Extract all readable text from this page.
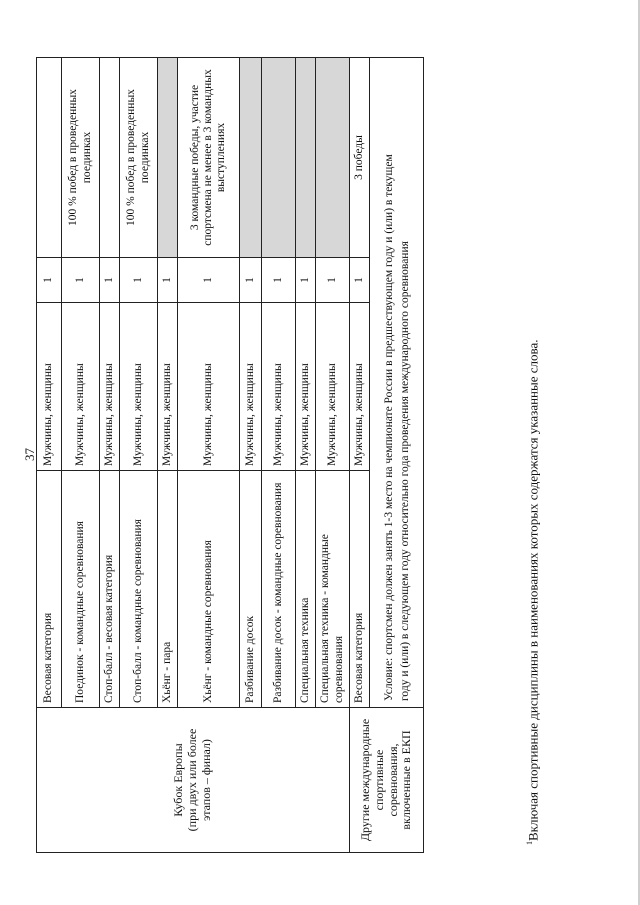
37
Кубок Европы (при двух или более этапов – финал)	Весовая категория	Мужчины, женщины	1	
	Поединок - командные соревнования	Мужчины, женщины	1	100 % побед в проведенных поединках
	Стоп-балл - весовая категория	Мужчины, женщины	1	
	Стоп-балл - командные соревнования	Мужчины, женщины	1	100 % побед в проведенных поединках
	Хьёнг - пара	Мужчины, женщины	1	
	Хьёнг - командные соревнования	Мужчины, женщины	1	3 командные победы, участие спортсмена не менее в 3 командных выступлениях
	Разбивание досок	Мужчины, женщины	1	
	Разбивание досок - командные соревнования	Мужчины, женщины	1	
	Специальная техника	Мужчины, женщины	1	
	Специальная техника - командные соревнования	Мужчины, женщины	1	

Другие международные спортивные соревнования, включенные в ЕКП	Весовая категория	Мужчины, женщины	1	3 победы

	Условие: спортсмен должен занять 1-3 место на чемпионате России в предшествующем году и (или) в текущем году и (или) в следующем году относительно года проведения международного соревнования			
$^1$Включая спортивные дисциплины в наименованиях которых содержатся указанные слова.
